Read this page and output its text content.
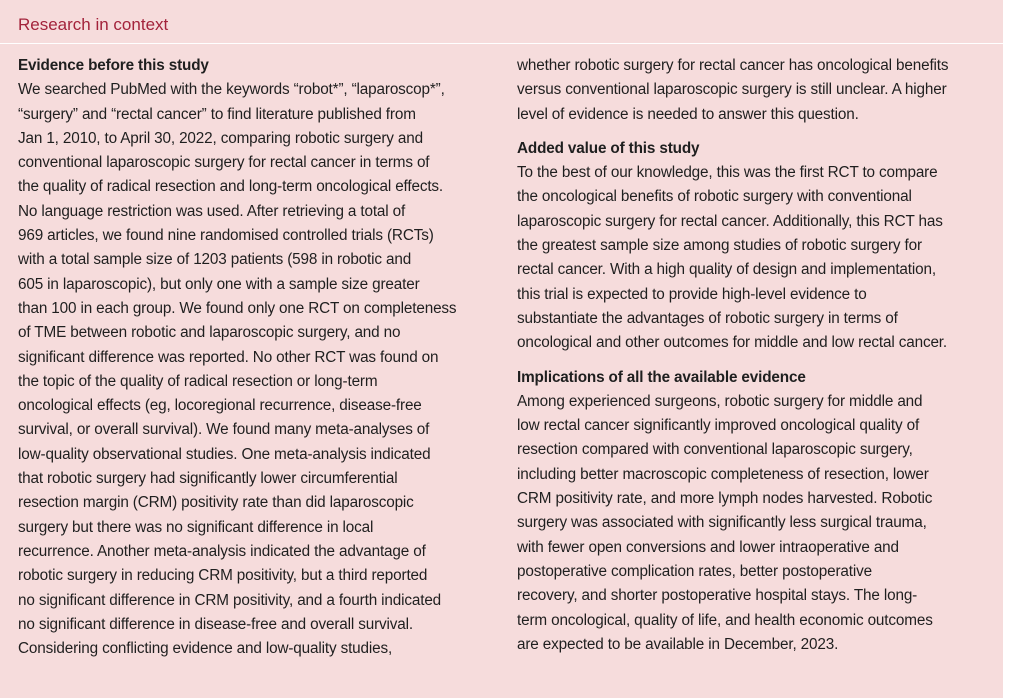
Research in context
Evidence before this study
We searched PubMed with the keywords “robot*”, “laparoscop*”,
“surgery” and “rectal cancer” to find literature published from
Jan 1, 2010, to April 30, 2022, comparing robotic surgery and
conventional laparoscopic surgery for rectal cancer in terms of
the quality of radical resection and long-term oncological effects.
No language restriction was used. After retrieving a total of
969 articles, we found nine randomised controlled trials (RCTs)
with a total sample size of 1203 patients (598 in robotic and
605 in laparoscopic), but only one with a sample size greater
than 100 in each group. We found only one RCT on completeness
of TME between robotic and laparoscopic surgery, and no
significant difference was reported. No other RCT was found on
the topic of the quality of radical resection or long-term
oncological effects (eg, locoregional recurrence, disease-free
survival, or overall survival). We found many meta-analyses of
low-quality observational studies. One meta-analysis indicated
that robotic surgery had significantly lower circumferential
resection margin (CRM) positivity rate than did laparoscopic
surgery but there was no significant difference in local
recurrence. Another meta-analysis indicated the advantage of
robotic surgery in reducing CRM positivity, but a third reported
no significant difference in CRM positivity, and a fourth indicated
no significant difference in disease-free and overall survival.
Considering conflicting evidence and low-quality studies,
whether robotic surgery for rectal cancer has oncological benefits
versus conventional laparoscopic surgery is still unclear. A higher
level of evidence is needed to answer this question.
Added value of this study
To the best of our knowledge, this was the first RCT to compare
the oncological benefits of robotic surgery with conventional
laparoscopic surgery for rectal cancer. Additionally, this RCT has
the greatest sample size among studies of robotic surgery for
rectal cancer. With a high quality of design and implementation,
this trial is expected to provide high-level evidence to
substantiate the advantages of robotic surgery in terms of
oncological and other outcomes for middle and low rectal cancer.
Implications of all the available evidence
Among experienced surgeons, robotic surgery for middle and
low rectal cancer significantly improved oncological quality of
resection compared with conventional laparoscopic surgery,
including better macroscopic completeness of resection, lower
CRM positivity rate, and more lymph nodes harvested. Robotic
surgery was associated with significantly less surgical trauma,
with fewer open conversions and lower intraoperative and
postoperative complication rates, better postoperative
recovery, and shorter postoperative hospital stays. The long-
term oncological, quality of life, and health economic outcomes
are expected to be available in December, 2023.
